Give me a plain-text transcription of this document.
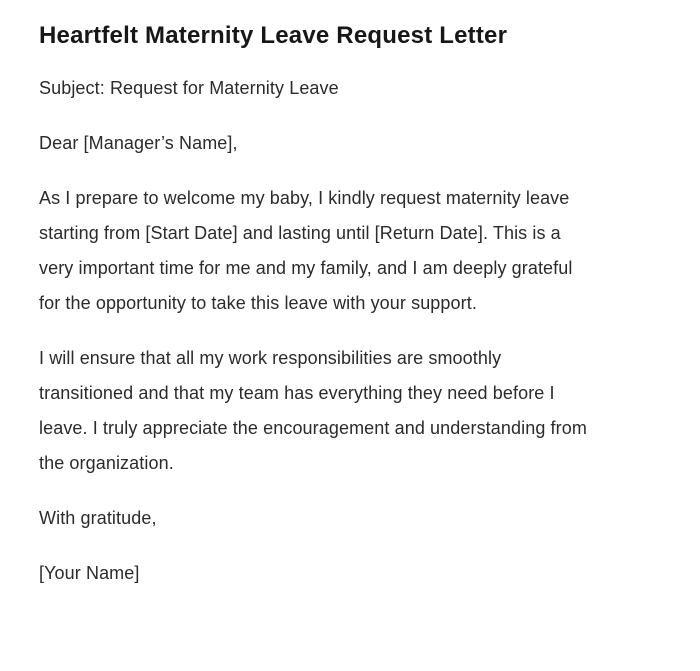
Heartfelt Maternity Leave Request Letter

Subject: Request for Maternity Leave

Dear [Manager’s Name],

As I prepare to welcome my baby, I kindly request maternity leave starting from [Start Date] and lasting until [Return Date]. This is a very important time for me and my family, and I am deeply grateful for the opportunity to take this leave with your support.

I will ensure that all my work responsibilities are smoothly transitioned and that my team has everything they need before I leave. I truly appreciate the encouragement and understanding from the organization.

With gratitude,

[Your Name]
